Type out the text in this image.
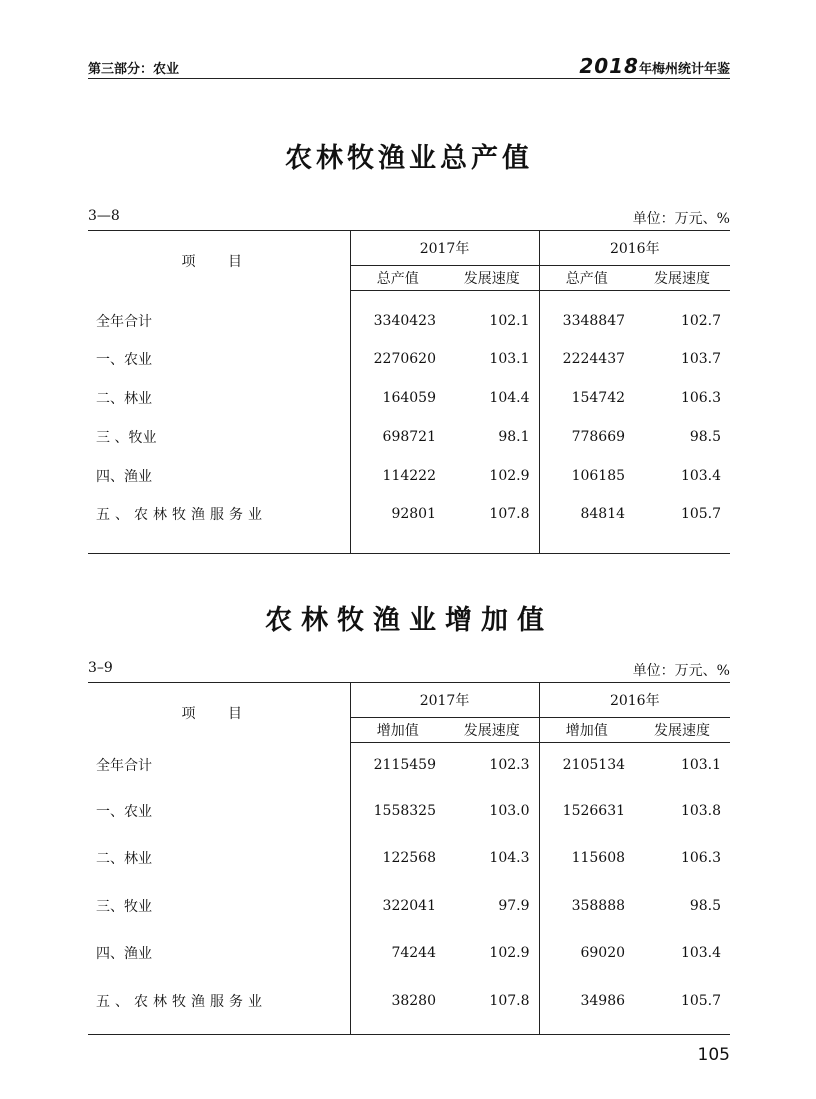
第三部分：农业	2018年梅州统计年鉴
农林牧渔业总产值
3—8	单位：万元、%
项 目	2017年		2016年	
	总产值	发展速度	总产值	发展速度
全年合计	3340423	102.1	3348847	102.7
一、农业	2270620	103.1	2224437	103.7
二、林业	164059	104.4	154742	106.3
三 、牧业	698721	98.1	778669	98.5
四、渔业	114222	102.9	106185	103.4
五、农林牧渔服务业	92801	107.8	84814	105.7
农林牧渔业增加值
3–9	单位：万元、%
项 目	2017年		2016年	
	增加值	发展速度	增加值	发展速度
全年合计	2115459	102.3	2105134	103.1
一、农业	1558325	103.0	1526631	103.8
二、林业	122568	104.3	115608	106.3
三、牧业	322041	97.9	358888	98.5
四、渔业	74244	102.9	69020	103.4
五、农林牧渔服务业	38280	107.8	34986	105.7
105
